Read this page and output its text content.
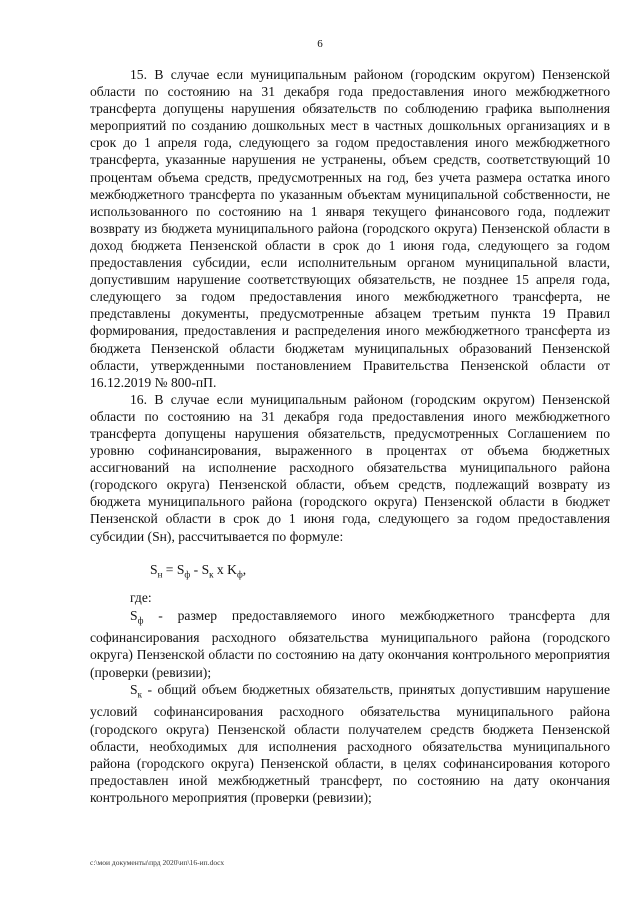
6

15. В случае если муниципальным районом (городским округом) Пензенской области по состоянию на 31 декабря года предоставления иного межбюджетного трансферта допущены нарушения обязательств по соблюдению графика выполнения мероприятий по созданию дошкольных мест в частных дошкольных организациях и в срок до 1 апреля года, следующего за годом предоставления иного межбюджетного трансферта, указанные нарушения не устранены, объем средств, соответствующий 10 процентам объема средств, предусмотренных на год, без учета размера остатка иного межбюджетного трансферта по указанным объектам муниципальной собственности, не использованного по состоянию на 1 января текущего финансового года, подлежит возврату из бюджета муниципального района (городского округа) Пензенской области в доход бюджета Пензенской области в срок до 1 июня года, следующего за годом предоставления субсидии, если исполнительным органом муниципальной власти, допустившим нарушение соответствующих обязательств, не позднее 15 апреля года, следующего за годом предоставления иного межбюджетного трансферта, не представлены документы, предусмотренные абзацем третьим пункта 19 Правил формирования, предоставления и распределения иного межбюджетного трансферта из бюджета Пензенской области бюджетам муниципальных образований Пензенской области, утвержденными постановлением Правительства Пензенской области от 16.12.2019 № 800-пП.

16. В случае если муниципальным районом (городским округом) Пензенской области по состоянию на 31 декабря года предоставления иного межбюджетного трансферта допущены нарушения обязательств, предусмотренных Соглашением по уровню софинансирования, выраженного в процентах от объема бюджетных ассигнований на исполнение расходного обязательства муниципального района (городского округа) Пензенской области, объем средств, подлежащий возврату из бюджета муниципального района (городского округа) Пензенской области в бюджет Пензенской области в срок до 1 июня года, следующего за годом предоставления субсидии (Sн), рассчитывается по формуле:

$S_н = S_ф - S_к$ x $K_ф$,

где:

$S_ф$ - размер предоставляемого иного межбюджетного трансферта для софинансирования расходного обязательства муниципального района (городского округа) Пензенской области по состоянию на дату окончания контрольного мероприятия (проверки (ревизии);

$S_к$ - общий объем бюджетных обязательств, принятых допустившим нарушение условий софинансирования расходного обязательства муниципального района (городского округа) Пензенской области получателем средств бюджета Пензенской области, необходимых для исполнения расходного обязательства муниципального района (городского округа) Пензенской области, в целях софинансирования которого предоставлен иной межбюджетный трансферт, по состоянию на дату окончания контрольного мероприятия (проверки (ревизии);

c:\мои документы\прд 2020\ип\16-ип.docx
